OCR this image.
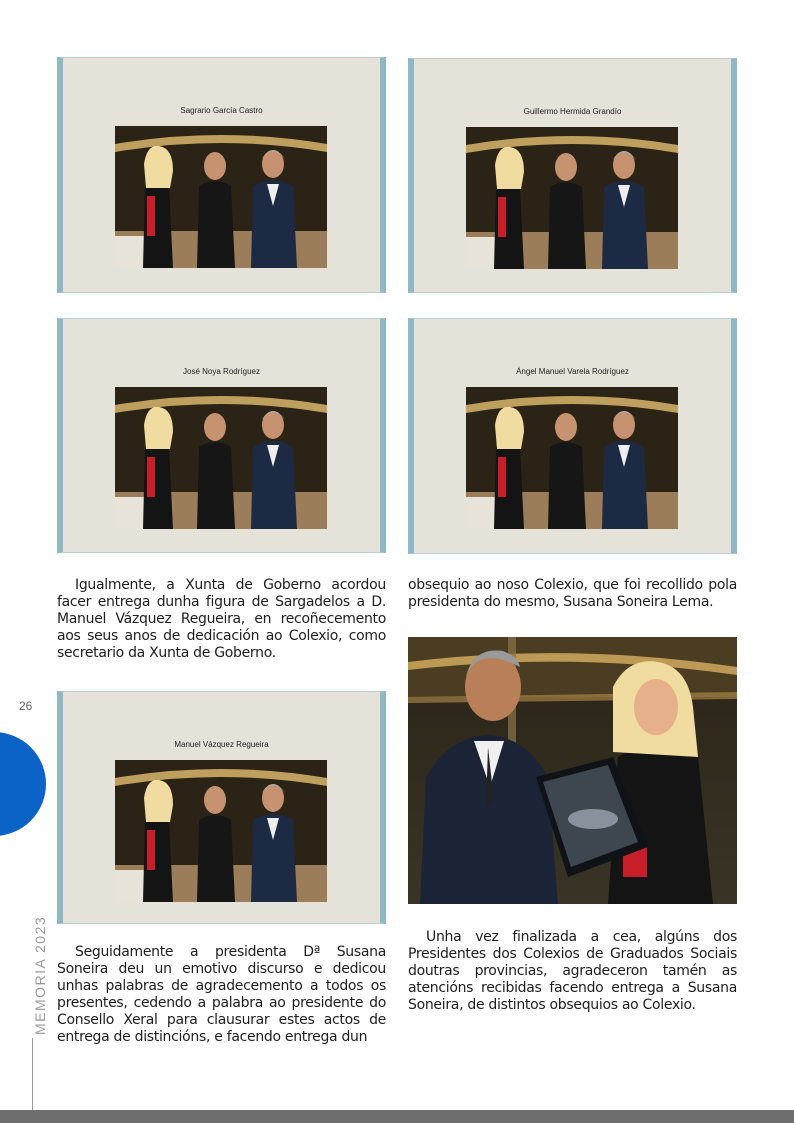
Sagrario García Castro	Guillermo Hermida Grandío
José Noya Rodríguez	Ángel Manuel Varela Rodríguez
Manuel Vázquez Regueira
Igualmente, a Xunta de Goberno acordou facer entrega dunha figura de Sargadelos a D. Manuel Vázquez Regueira, en recoñecemento aos seus anos de dedicación ao Colexio, como secretario da Xunta de Goberno.
obsequio ao noso Colexio, que foi recollido pola presidenta do mesmo, Susana Soneira Lema.
Seguidamente a presidenta Dª Susana Soneira deu un emotivo discurso e dedicou unhas palabras de agradecemento a todos os presentes, cedendo a palabra ao presidente do Consello Xeral para clausurar estes actos de entrega de distincións, e facendo entrega dun
Unha vez finalizada a cea, algúns dos Presidentes dos Colexios de Graduados Sociais doutras provincias, agradeceron tamén as atencións recibidas facendo entrega a Susana Soneira, de distintos obsequios ao Colexio.
26
MEMORIA 2023
